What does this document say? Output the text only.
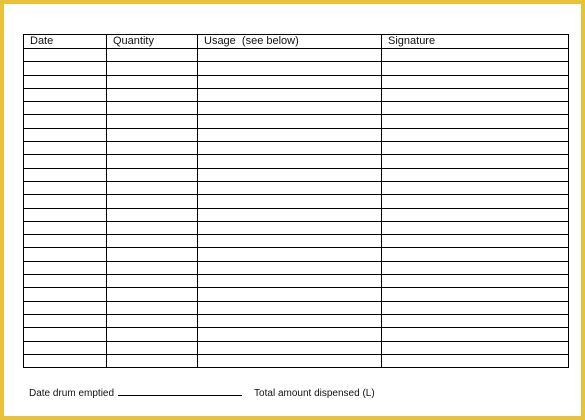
Date	Quantity	Usage  (see below)	Signature

Date drum emptied	Total amount dispensed (L)
